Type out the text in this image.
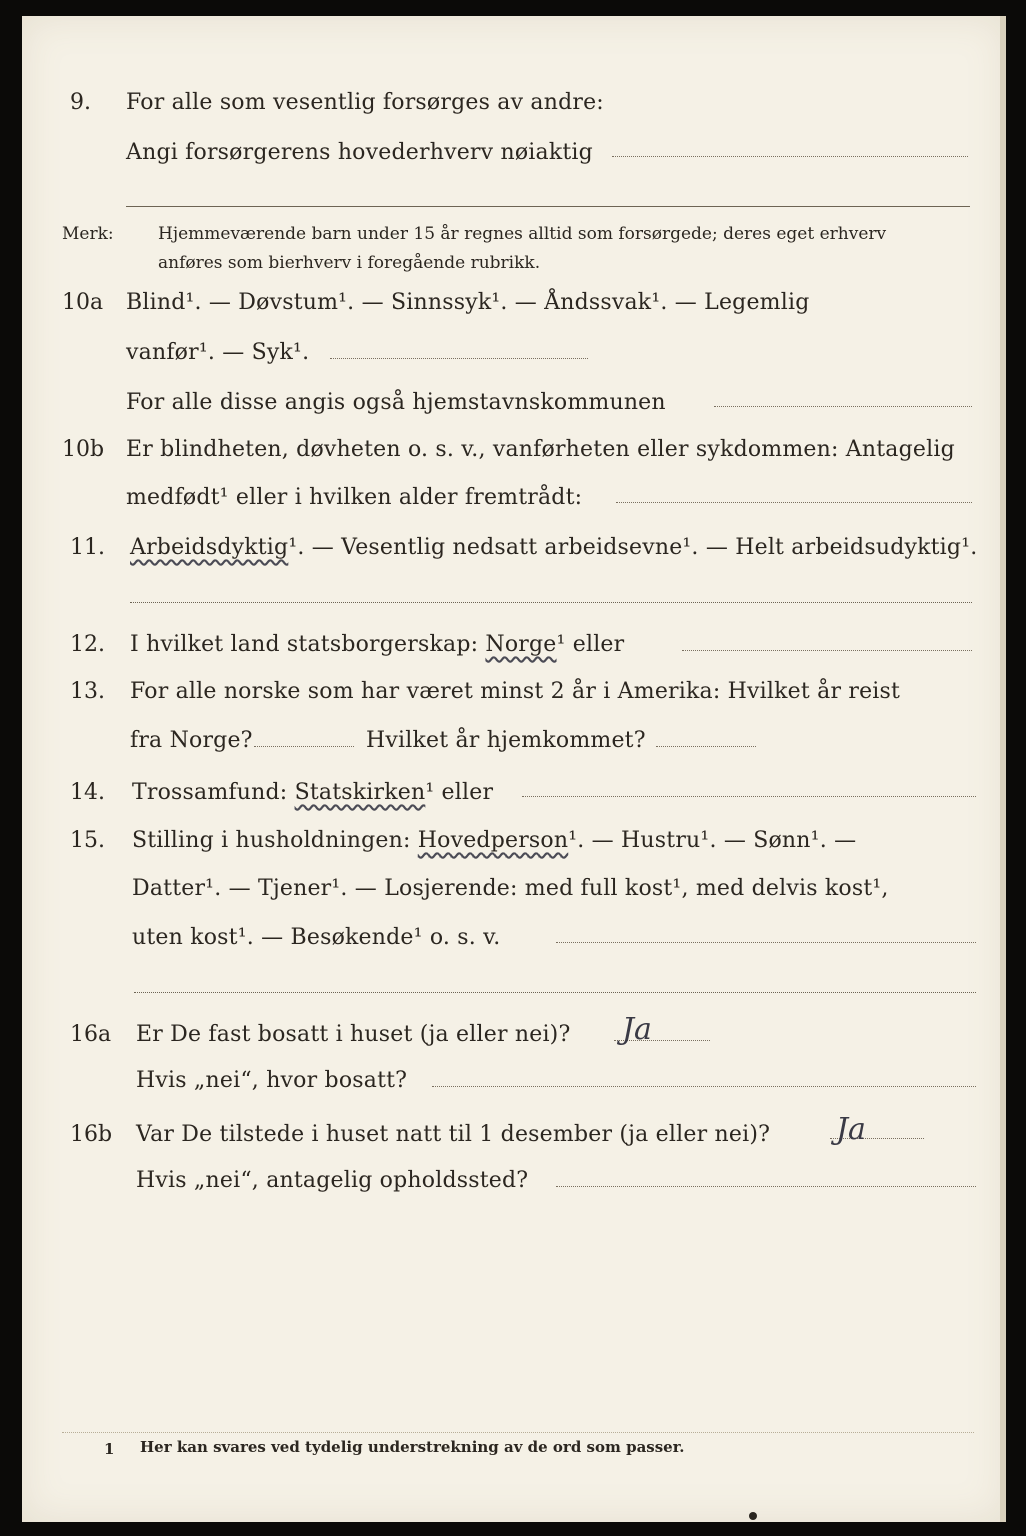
9. For alle som vesentlig forsørges av andre:
Angi forsørgerens hovederhverv nøiaktig
Merk:	Hjemmeværende barn under 15 år regnes alltid som forsørgede; deres eget erhverv
anføres som bierhverv i foregående rubrikk.
10a Blind¹. — Døvstum¹. — Sinnssyk¹. — Åndssvak¹. — Legemlig
vanfør¹. — Syk¹.
For alle disse angis også hjemstavnskommunen
10b Er blindheten, døvheten o. s. v., vanførheten eller sykdommen: Antagelig
medfødt¹ eller i hvilken alder fremtrådt:
11. Arbeidsdyktig¹. — Vesentlig nedsatt arbeidsevne¹. — Helt arbeidsudyktig¹.
12. I hvilket land statsborgerskap: Norge¹ eller
13. For alle norske som har været minst 2 år i Amerika: Hvilket år reist
fra Norge?	Hvilket år hjemkommet?
14. Trossamfund: Statskirken¹ eller
15. Stilling i husholdningen: Hovedperson¹. — Hustru¹. — Sønn¹. —
Datter¹. — Tjener¹. — Losjerende: med full kost¹, med delvis kost¹,
uten kost¹. — Besøkende¹ o. s. v.
16a Er De fast bosatt i huset (ja eller nei)? Ja
Hvis „nei“, hvor bosatt?
16b Var De tilstede i huset natt til 1 desember (ja eller nei)? Ja
Hvis „nei“, antagelig opholdssted?
1 Her kan svares ved tydelig understrekning av de ord som passer.
